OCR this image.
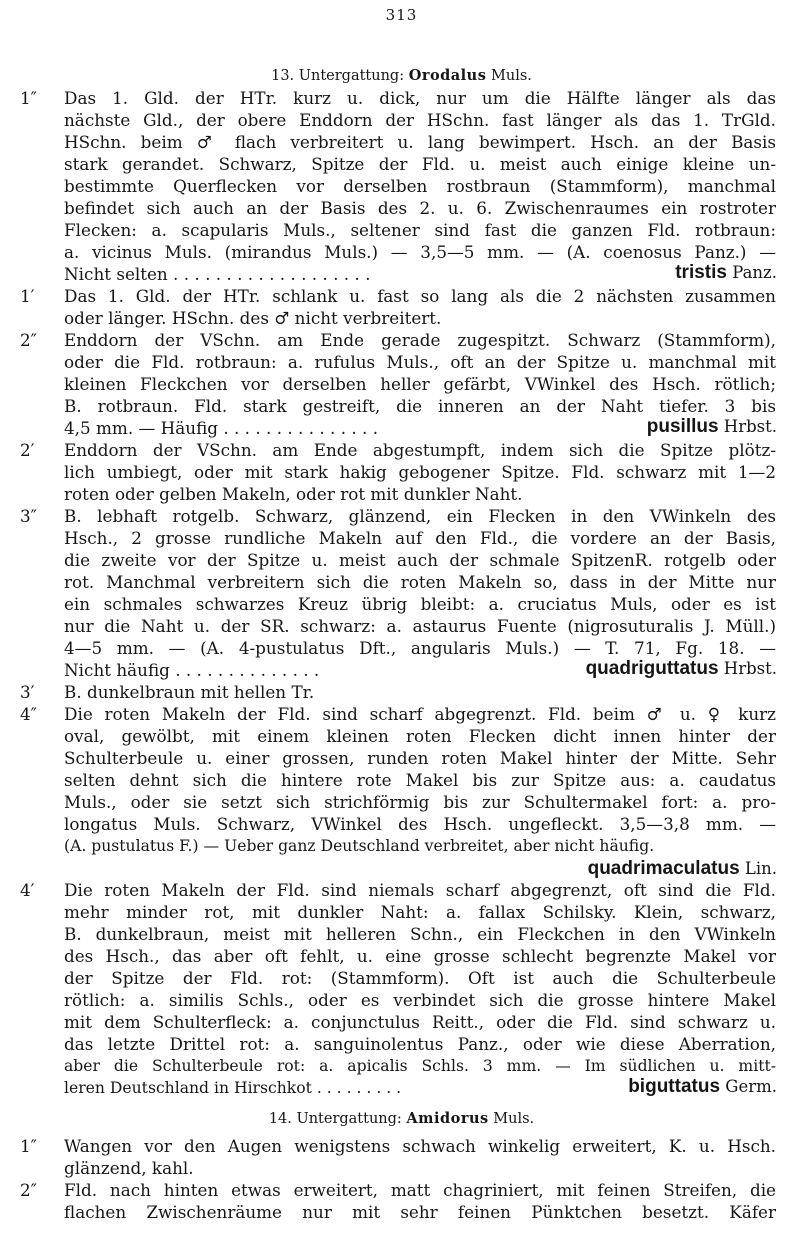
313
13. Untergattung: Orodalus Muls.
1″	Das 1. Gld. der HTr. kurz u. dick, nur um die Hälfte länger als das
nächste Gld., der obere Enddorn der HSchn. fast länger als das 1. TrGld.
HSchn. beim ♂ flach verbreitert u. lang bewimpert. Hsch. an der Basis
stark gerandet. Schwarz, Spitze der Fld. u. meist auch einige kleine un-
bestimmte Querflecken vor derselben rostbraun (Stammform), manchmal
befindet sich auch an der Basis des 2. u. 6. Zwischenraumes ein rostroter
Flecken: a. scapularis Muls., seltener sind fast die ganzen Fld. rotbraun:
a. vicinus Muls. (mirandus Muls.) — 3,5—5 mm. — (A. coenosus Panz.) —
Nicht selten . . . . . . . . . . . . . . . . . . .	tristis Panz.
1′	Das 1. Gld. der HTr. schlank u. fast so lang als die 2 nächsten zusammen
oder länger. HSchn. des ♂ nicht verbreitert.
2″	Enddorn der VSchn. am Ende gerade zugespitzt. Schwarz (Stammform),
oder die Fld. rotbraun: a. rufulus Muls., oft an der Spitze u. manchmal mit
kleinen Fleckchen vor derselben heller gefärbt, VWinkel des Hsch. rötlich;
B. rotbraun. Fld. stark gestreift, die inneren an der Naht tiefer. 3 bis
4,5 mm. — Häufig . . . . . . . . . . . . . . .	pusillus Hrbst.
2′	Enddorn der VSchn. am Ende abgestumpft, indem sich die Spitze plötz-
lich umbiegt, oder mit stark hakig gebogener Spitze. Fld. schwarz mit 1—2
roten oder gelben Makeln, oder rot mit dunkler Naht.
3″	B. lebhaft rotgelb. Schwarz, glänzend, ein Flecken in den VWinkeln des
Hsch., 2 grosse rundliche Makeln auf den Fld., die vordere an der Basis,
die zweite vor der Spitze u. meist auch der schmale SpitzenR. rotgelb oder
rot. Manchmal verbreitern sich die roten Makeln so, dass in der Mitte nur
ein schmales schwarzes Kreuz übrig bleibt: a. cruciatus Muls, oder es ist
nur die Naht u. der SR. schwarz: a. astaurus Fuente (nigrosuturalis J. Müll.)
4—5 mm. — (A. 4-pustulatus Dft., angularis Muls.) — T. 71, Fg. 18. —
Nicht häufig . . . . . . . . . . . . . .	quadriguttatus Hrbst.
3′	B. dunkelbraun mit hellen Tr.
4″	Die roten Makeln der Fld. sind scharf abgegrenzt. Fld. beim ♂ u. ♀ kurz
oval, gewölbt, mit einem kleinen roten Flecken dicht innen hinter der
Schulterbeule u. einer grossen, runden roten Makel hinter der Mitte. Sehr
selten dehnt sich die hintere rote Makel bis zur Spitze aus: a. caudatus
Muls., oder sie setzt sich strichförmig bis zur Schultermakel fort: a. pro-
longatus Muls. Schwarz, VWinkel des Hsch. ungefleckt. 3,5—3,8 mm. —
(A. pustulatus F.) — Ueber ganz Deutschland verbreitet, aber nicht häufig.
quadrimaculatus Lin.
4′	Die roten Makeln der Fld. sind niemals scharf abgegrenzt, oft sind die Fld.
mehr minder rot, mit dunkler Naht: a. fallax Schilsky. Klein, schwarz,
B. dunkelbraun, meist mit helleren Schn., ein Fleckchen in den VWinkeln
des Hsch., das aber oft fehlt, u. eine grosse schlecht begrenzte Makel vor
der Spitze der Fld. rot: (Stammform). Oft ist auch die Schulterbeule
rötlich: a. similis Schls., oder es verbindet sich die grosse hintere Makel
mit dem Schulterfleck: a. conjunctulus Reitt., oder die Fld. sind schwarz u.
das letzte Drittel rot: a. sanguinolentus Panz., oder wie diese Aberration,
aber die Schulterbeule rot: a. apicalis Schls. 3 mm. — Im südlichen u. mitt-
leren Deutschland in Hirschkot . . . . . . . . .	biguttatus Germ.
14. Untergattung: Amidorus Muls.
1″	Wangen vor den Augen wenigstens schwach winkelig erweitert, K. u. Hsch.
glänzend, kahl.
2″	Fld. nach hinten etwas erweitert, matt chagriniert, mit feinen Streifen, die
flachen Zwischenräume nur mit sehr feinen Pünktchen besetzt. Käfer
